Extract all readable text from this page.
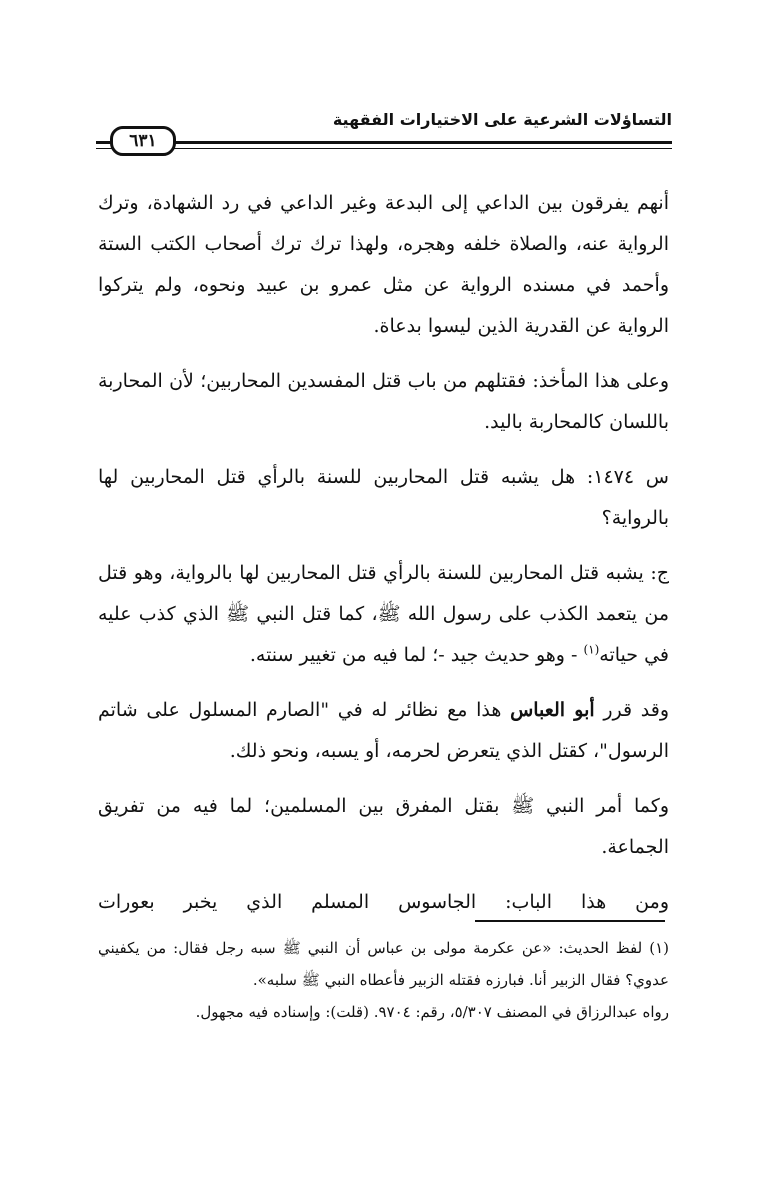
التساؤلات الشرعية على الاختيارات الفقهية
٦٣١

أنهم يفرقون بين الداعي إلى البدعة وغير الداعي في رد الشهادة، وترك الرواية عنه، والصلاة خلفه وهجره، ولهذا ترك ترك أصحاب الكتب الستة وأحمد في مسنده الرواية عن مثل عمرو بن عبيد ونحوه، ولم يتركوا الرواية عن القدرية الذين ليسوا بدعاة.

وعلى هذا المأخذ: فقتلهم من باب قتل المفسدين المحاربين؛ لأن المحاربة باللسان كالمحاربة باليد.

س ١٤٧٤: هل يشبه قتل المحاربين للسنة بالرأي قتل المحاربين لها بالرواية؟

ج: يشبه قتل المحاربين للسنة بالرأي قتل المحاربين لها بالرواية، وهو قتل من يتعمد الكذب على رسول الله ﷺ، كما قتل النبي ﷺ الذي كذب عليه في حياته$^{(١)}$ - وهو حديث جيد -؛ لما فيه من تغيير سنته.

وقد قرر أبو العباس هذا مع نظائر له في "الصارم المسلول على شاتم الرسول"، كقتل الذي يتعرض لحرمه، أو يسبه، ونحو ذلك.

وكما أمر النبي ﷺ بقتل المفرق بين المسلمين؛ لما فيه من تفريق الجماعة.

ومن هذا الباب: الجاسوس المسلم الذي يخبر بعورات

(١) لفظ الحديث: «عن عكرمة مولى بن عباس أن النبي ﷺ سبه رجل فقال: من يكفيني عدوي؟ فقال الزبير أنا. فبارزه فقتله الزبير فأعطاه النبي ﷺ سلبه».

رواه عبدالرزاق في المصنف ٥/٣٠٧، رقم: ٩٧٠٤. (قلت): وإسناده فيه مجهول.
